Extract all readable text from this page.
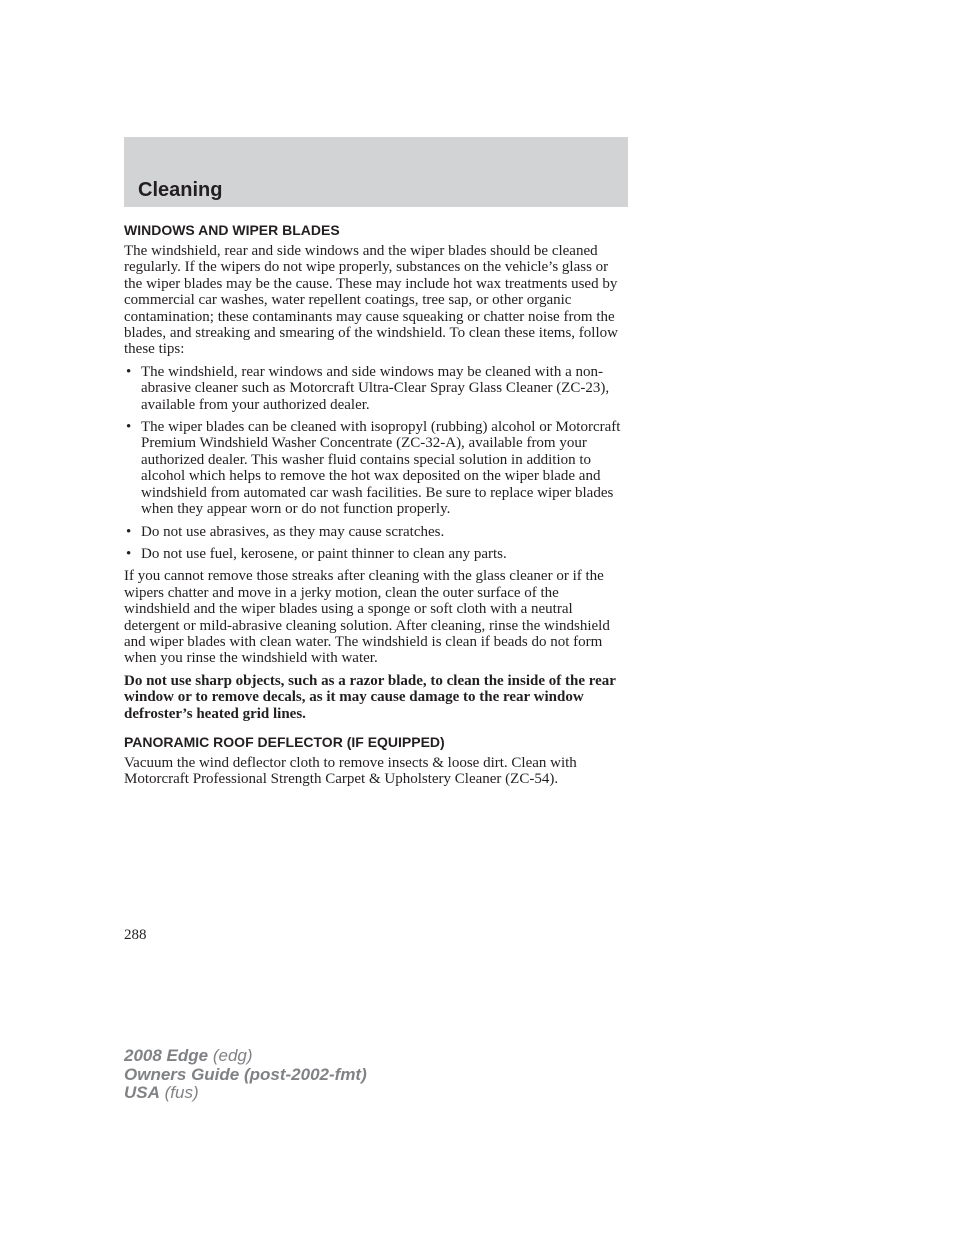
Cleaning
WINDOWS AND WIPER BLADES

The windshield, rear and side windows and the wiper blades should be cleaned regularly. If the wipers do not wipe properly, substances on the vehicle’s glass or the wiper blades may be the cause. These may include hot wax treatments used by commercial car washes, water repellent coatings, tree sap, or other organic contamination; these contaminants may cause squeaking or chatter noise from the blades, and streaking and smearing of the windshield. To clean these items, follow these tips:

• The windshield, rear windows and side windows may be cleaned with a non-abrasive cleaner such as Motorcraft Ultra-Clear Spray Glass Cleaner (ZC-23), available from your authorized dealer.
• The wiper blades can be cleaned with isopropyl (rubbing) alcohol or Motorcraft Premium Windshield Washer Concentrate (ZC-32-A), available from your authorized dealer. This washer fluid contains special solution in addition to alcohol which helps to remove the hot wax deposited on the wiper blade and windshield from automated car wash facilities. Be sure to replace wiper blades when they appear worn or do not function properly.
• Do not use abrasives, as they may cause scratches.
• Do not use fuel, kerosene, or paint thinner to clean any parts.

If you cannot remove those streaks after cleaning with the glass cleaner or if the wipers chatter and move in a jerky motion, clean the outer surface of the windshield and the wiper blades using a sponge or soft cloth with a neutral detergent or mild-abrasive cleaning solution. After cleaning, rinse the windshield and wiper blades with clean water. The windshield is clean if beads do not form when you rinse the windshield with water.

Do not use sharp objects, such as a razor blade, to clean the inside of the rear window or to remove decals, as it may cause damage to the rear window defroster’s heated grid lines.

PANORAMIC ROOF DEFLECTOR (IF EQUIPPED)

Vacuum the wind deflector cloth to remove insects & loose dirt. Clean with Motorcraft Professional Strength Carpet & Upholstery Cleaner (ZC-54).

288
2008 Edge (edg)
Owners Guide (post-2002-fmt)
USA (fus)
